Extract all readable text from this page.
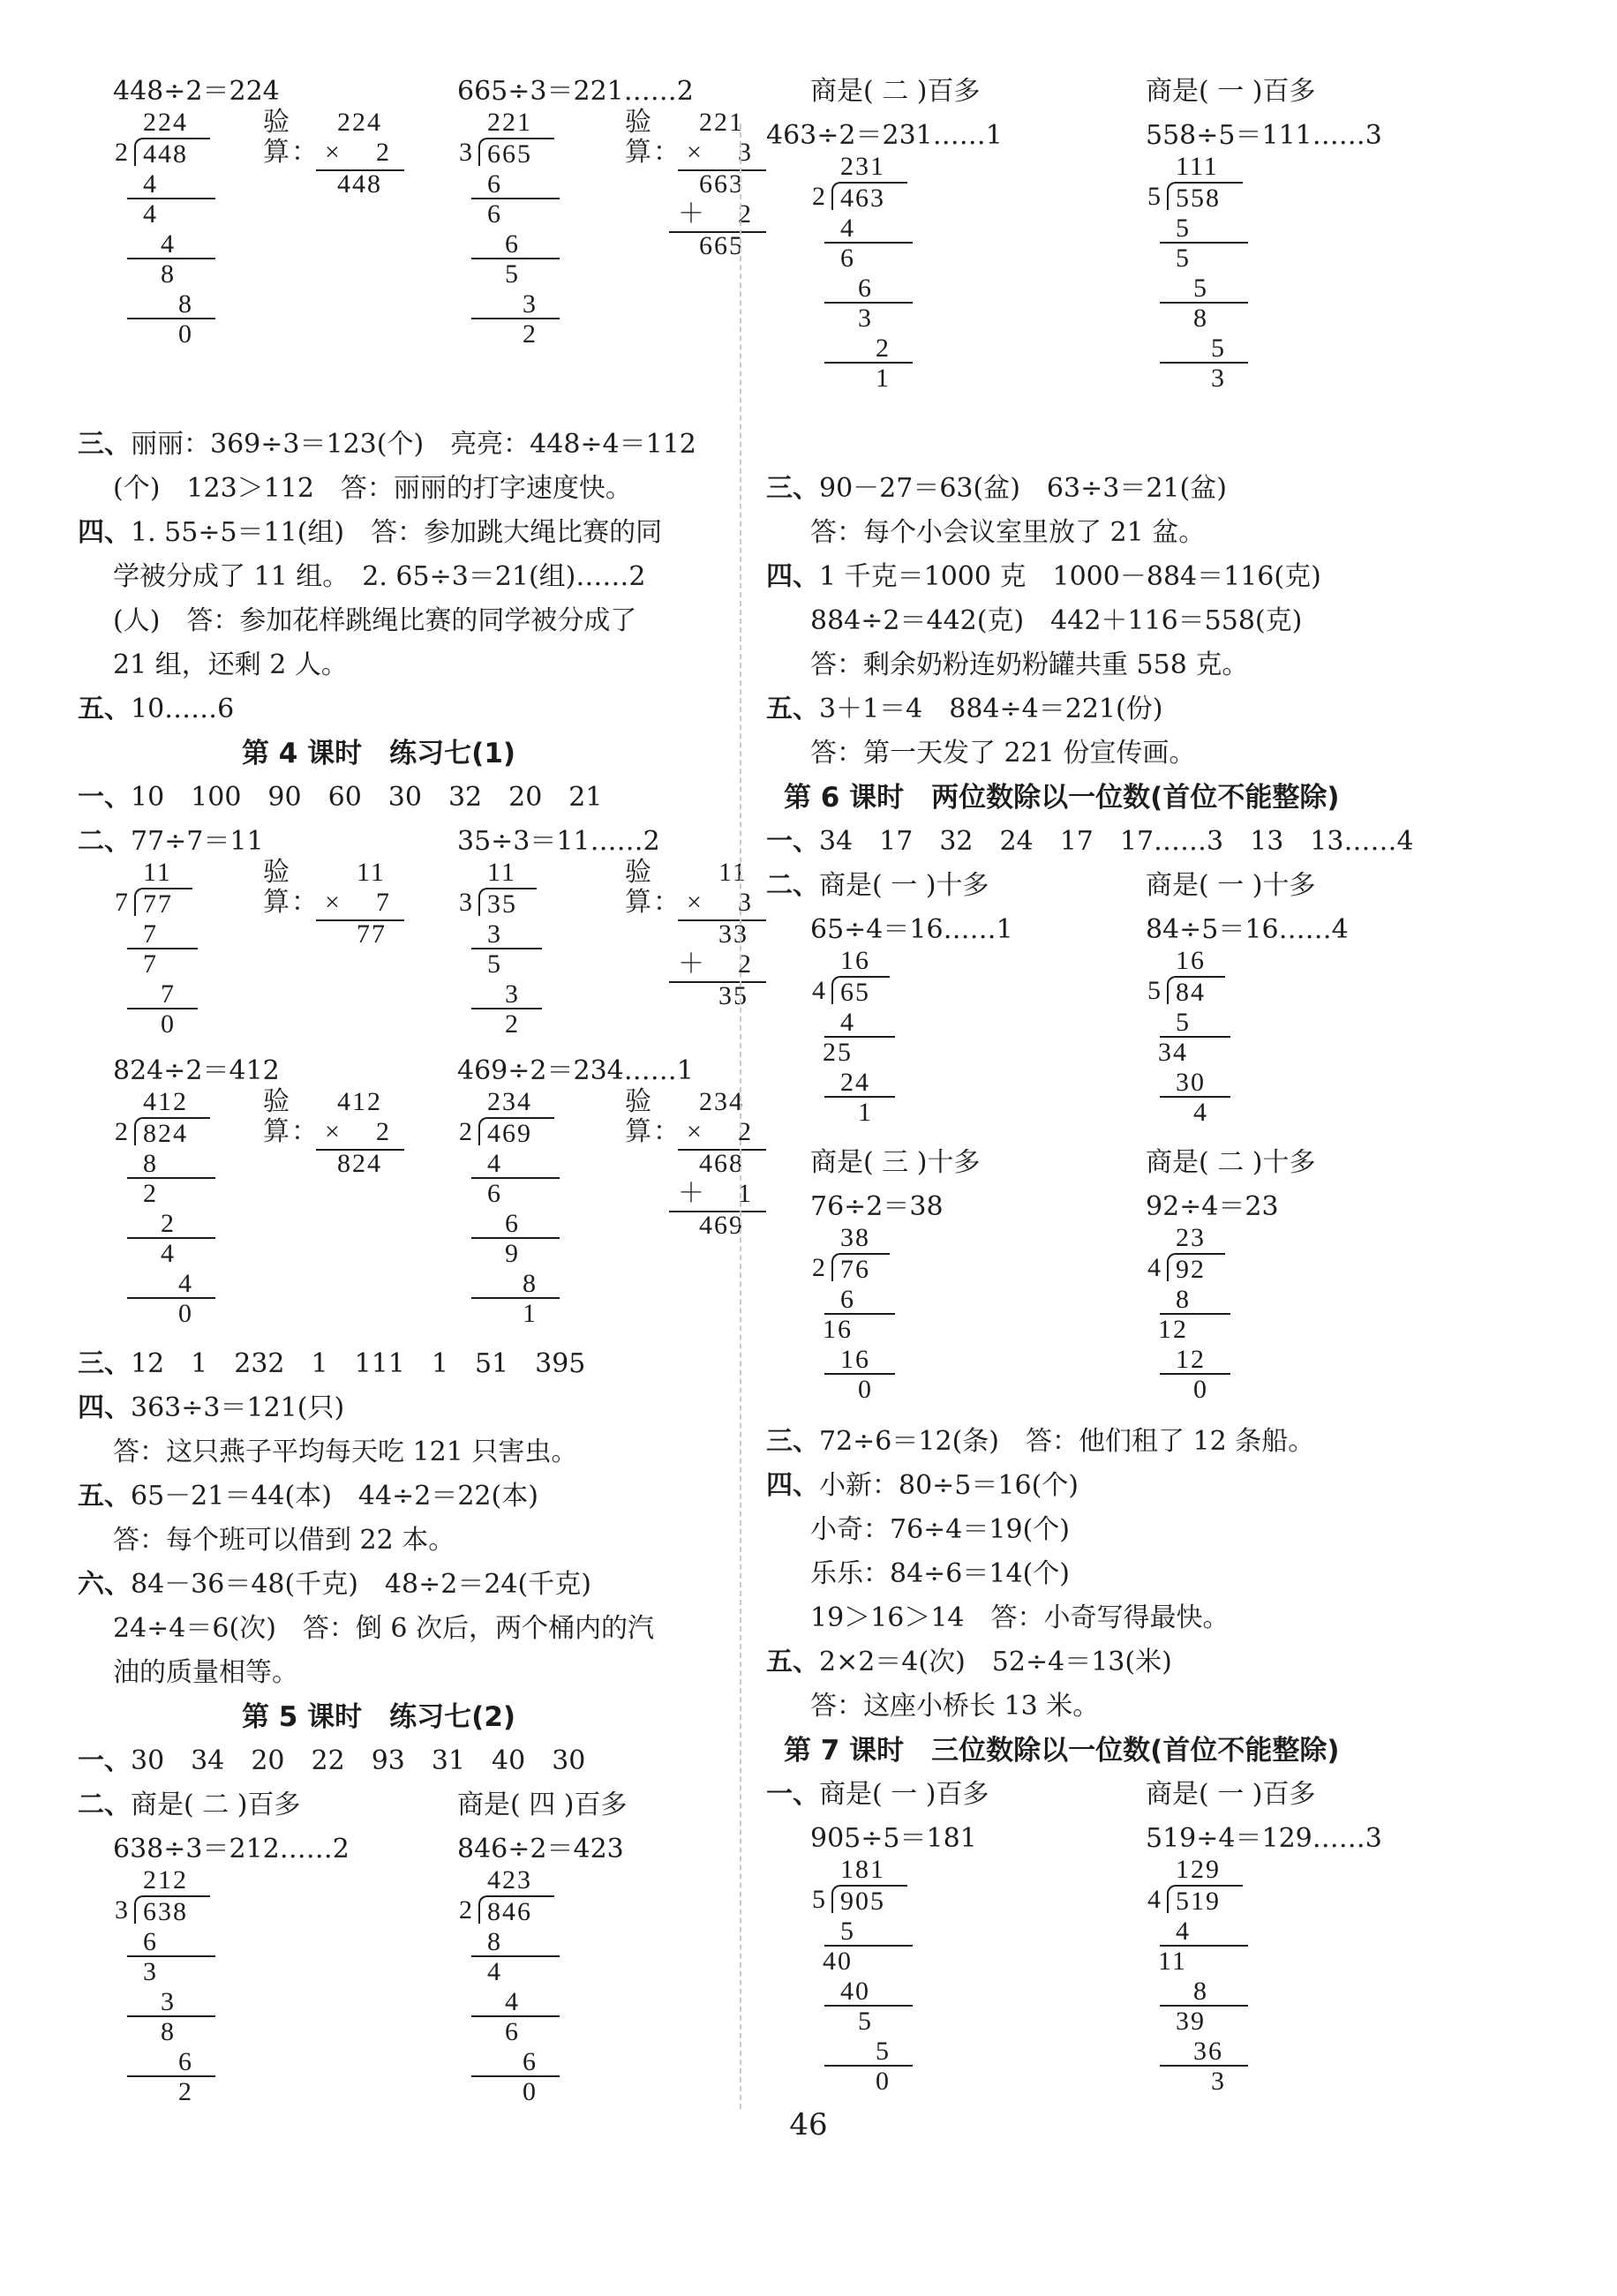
448÷2＝224	665÷3＝221……2
三、丽丽：369÷3＝123(个)　亮亮：448÷4＝112
(个)　123＞112　答：丽丽的打字速度快。
四、1. 55÷5＝11(组)　答：参加跳大绳比赛的同
学被分成了 11 组。　2. 65÷3＝21(组)……2
(人)　答：参加花样跳绳比赛的同学被分成了
21 组，还剩 2 人。
五、10……6
第 4 课时　练习七(1)
一、10　100　90　60　30　32　20　21
二、77÷7＝11	35÷3＝11……2
824÷2＝412	469÷2＝234……1
三、12　1　232　1　111　1　51　395
四、363÷3＝121(只)
答：这只燕子平均每天吃 121 只害虫。
五、65－21＝44(本)　44÷2＝22(本)
答：每个班可以借到 22 本。
六、84－36＝48(千克)　48÷2＝24(千克)
24÷4＝6(次)　答：倒 6 次后，两个桶内的汽
油的质量相等。
第 5 课时　练习七(2)
一、30　34　20　22　93　31　40　30
二、商是( 二 )百多	商是( 四 )百多
638÷3＝212……2	846÷2＝423
224
2 448
4
4
4
8
8
0
221
3 665
6
6
6
5
3
2
11
7 77
7
7
7
0
11
3 35
3
5
3
2
412
2 824
8
2
2
4
4
0
234
2 469
4
6
6
9
8
1
212
3 638
6
3
3
8
6
2
423
2 846
8
4
4
6
6
0
验
算：
224
× 2
448
验
算：
221
× 3
663
＋ 2
665
验
算：
11
× 7
77
验
算：
11
× 3
33
＋ 2
35
验
算：
412
× 2
824
验
算：
234
× 2
468
＋ 1
469
商是( 二 )百多	商是( 一 )百多
463÷2＝231……1	558÷5＝111……3
三、90－27＝63(盆)　63÷3＝21(盆)
答：每个小会议室里放了 21 盆。
四、1 千克＝1000 克　1000－884＝116(克)
884÷2＝442(克)　442＋116＝558(克)
答：剩余奶粉连奶粉罐共重 558 克。
五、3＋1＝4　884÷4＝221(份)
答：第一天发了 221 份宣传画。
第 6 课时　两位数除以一位数(首位不能整除)
一、34　17　32　24　17　17……3　13　13……4
二、商是( 一 )十多	商是( 一 )十多
65÷4＝16……1	84÷5＝16……4
商是( 三 )十多	商是( 二 )十多
76÷2＝38	92÷4＝23
三、72÷6＝12(条)　答：他们租了 12 条船。
四、小新：80÷5＝16(个)
小奇：76÷4＝19(个)
乐乐：84÷6＝14(个)
19＞16＞14　答：小奇写得最快。
五、2×2＝4(次)　52÷4＝13(米)
答：这座小桥长 13 米。
第 7 课时　三位数除以一位数(首位不能整除)
一、商是( 一 )百多	商是( 一 )百多
905÷5＝181	519÷4＝129……3
231
2 463
4
6
6
3
2
1
111
5 558
5
5
5
8
5
3
16
4 65
4
25
24
1
16
5 84
5
34
30
4
38
2 76
6
16
16
0
23
4 92
8
12
12
0
181
5 905
5
40
40
5
5
0
129
4 519
4
11
8
39
36
3
46
